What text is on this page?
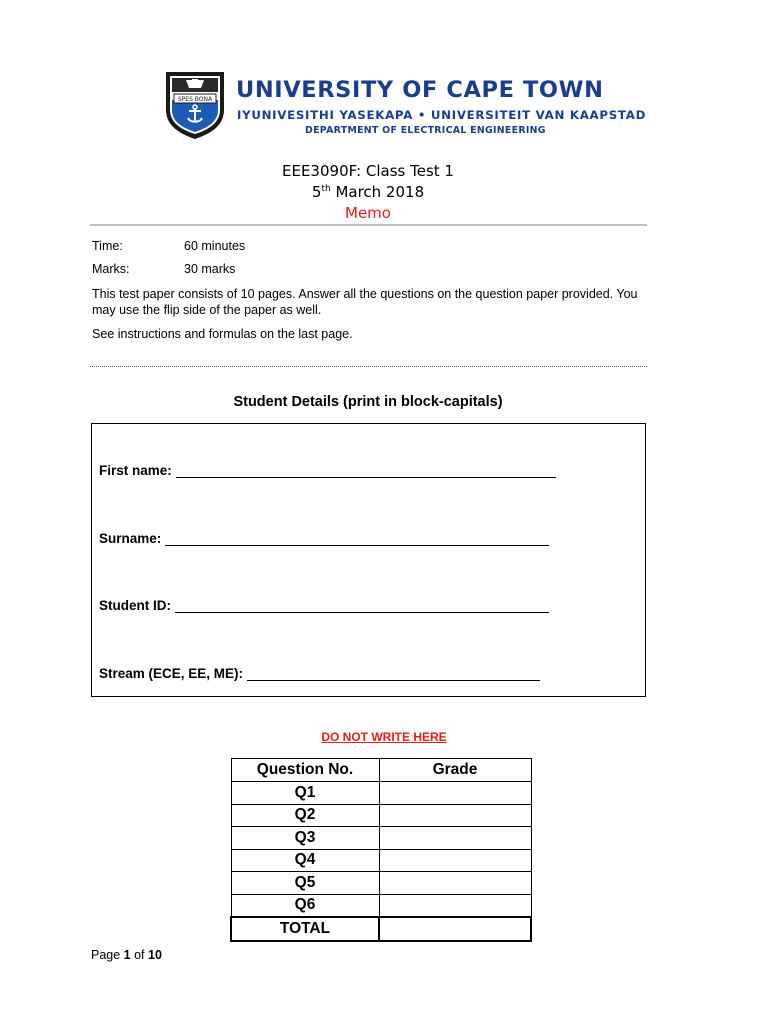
SPES BONA UNIVERSITY OF CAPE TOWN
IYUNIVESITHI YASEKAPA • UNIVERSITEIT VAN KAAPSTAD
DEPARTMENT OF ELECTRICAL ENGINEERING
EEE3090F: Class Test 1
5th March 2018
Memo
Time:	60 minutes
Marks:	30 marks
This test paper consists of 10 pages. Answer all the questions on the question paper provided. You may use the flip side of the paper as well.
See instructions and formulas on the last page.
Student Details (print in block-capitals)
First name:
Surname:
Student ID:
Stream (ECE, EE, ME):
DO NOT WRITE HERE
Question No.	Grade
Q1	
Q2	
Q3	
Q4	
Q5	
Q6	
TOTAL	
Page 1 of 10
